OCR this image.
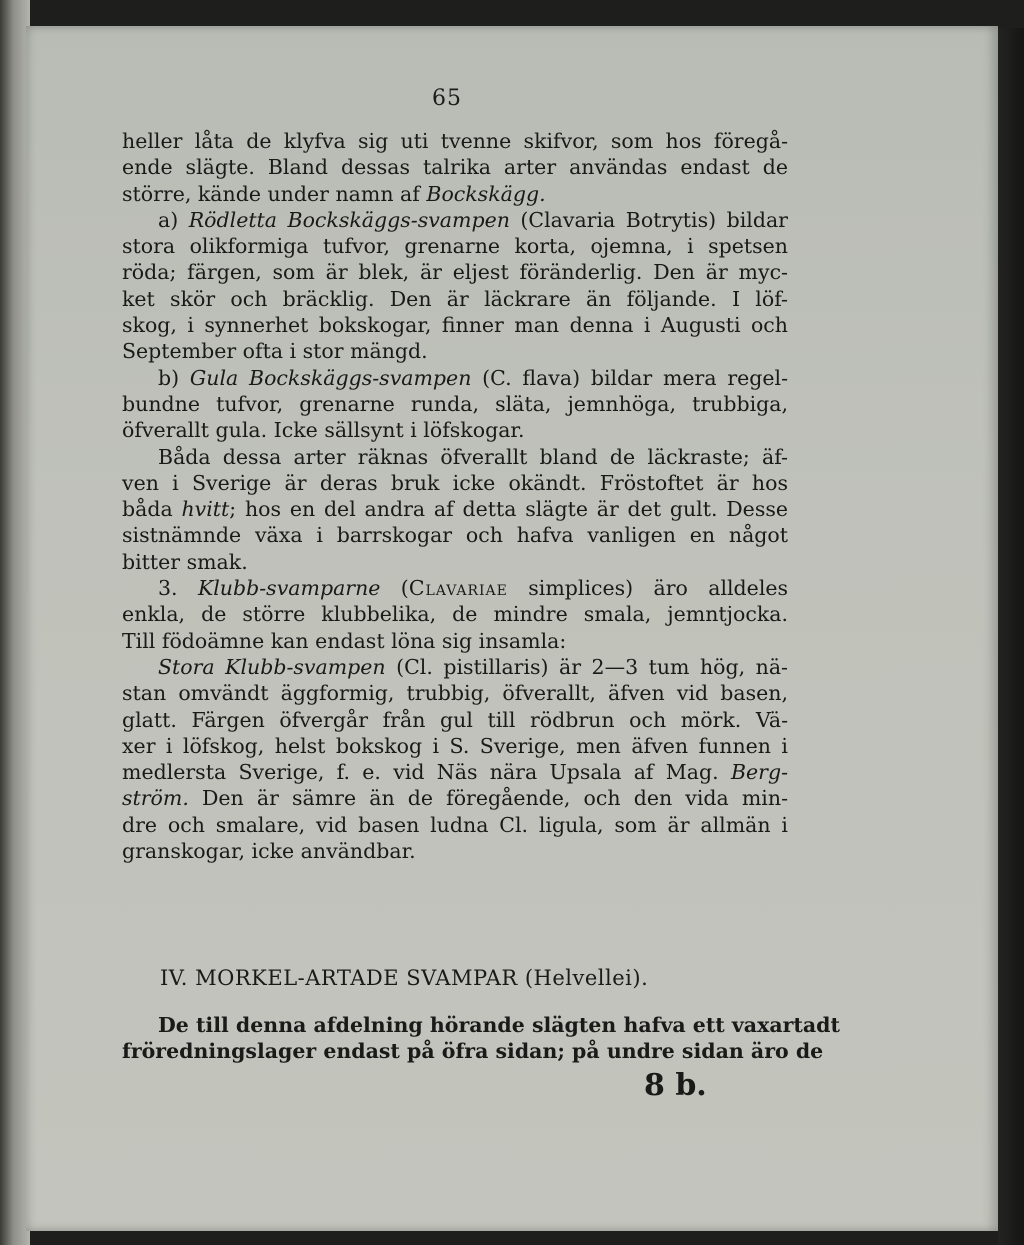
65
heller låta de klyfva sig uti tvenne skifvor, som hos föregå-
ende slägte. Bland dessas talrika arter användas endast de
större, kände under namn af Bockskägg.
a) Rödletta Bockskäggs-svampen (Clavaria Botrytis) bildar
stora olikformiga tufvor, grenarne korta, ojemna, i spetsen
röda; färgen, som är blek, är eljest föränderlig. Den är myc-
ket skör och bräcklig. Den är läckrare än följande. I löf-
skog, i synnerhet bokskogar, finner man denna i Augusti och
September ofta i stor mängd.
b) Gula Bockskäggs-svampen (C. flava) bildar mera regel-
bundne tufvor, grenarne runda, släta, jemnhöga, trubbiga,
öfverallt gula. Icke sällsynt i löfskogar.
Båda dessa arter räknas öfverallt bland de läckraste; äf-
ven i Sverige är deras bruk icke okändt. Fröstoftet är hos
båda hvitt; hos en del andra af detta slägte är det gult. Desse
sistnämnde växa i barrskogar och hafva vanligen en något
bitter smak.
3. Klubb-svamparne (Clavariae simplices) äro alldeles
enkla, de större klubbelika, de mindre smala, jemntjocka.
Till födoämne kan endast löna sig insamla:
Stora Klubb-svampen (Cl. pistillaris) är 2—3 tum hög, nä-
stan omvändt äggformig, trubbig, öfverallt, äfven vid basen,
glatt. Färgen öfvergår från gul till rödbrun och mörk. Vä-
xer i löfskog, helst bokskog i S. Sverige, men äfven funnen i
medlersta Sverige, f. e. vid Näs nära Upsala af Mag. Berg-
ström. Den är sämre än de föregående, och den vida min-
dre och smalare, vid basen ludna Cl. ligula, som är allmän i
granskogar, icke användbar.
IV. MORKEL-ARTADE SVAMPAR (Helvellei).
De till denna afdelning hörande slägten hafva ett vaxartadt
fröredningslager endast på öfra sidan; på undre sidan äro de
8 b.
